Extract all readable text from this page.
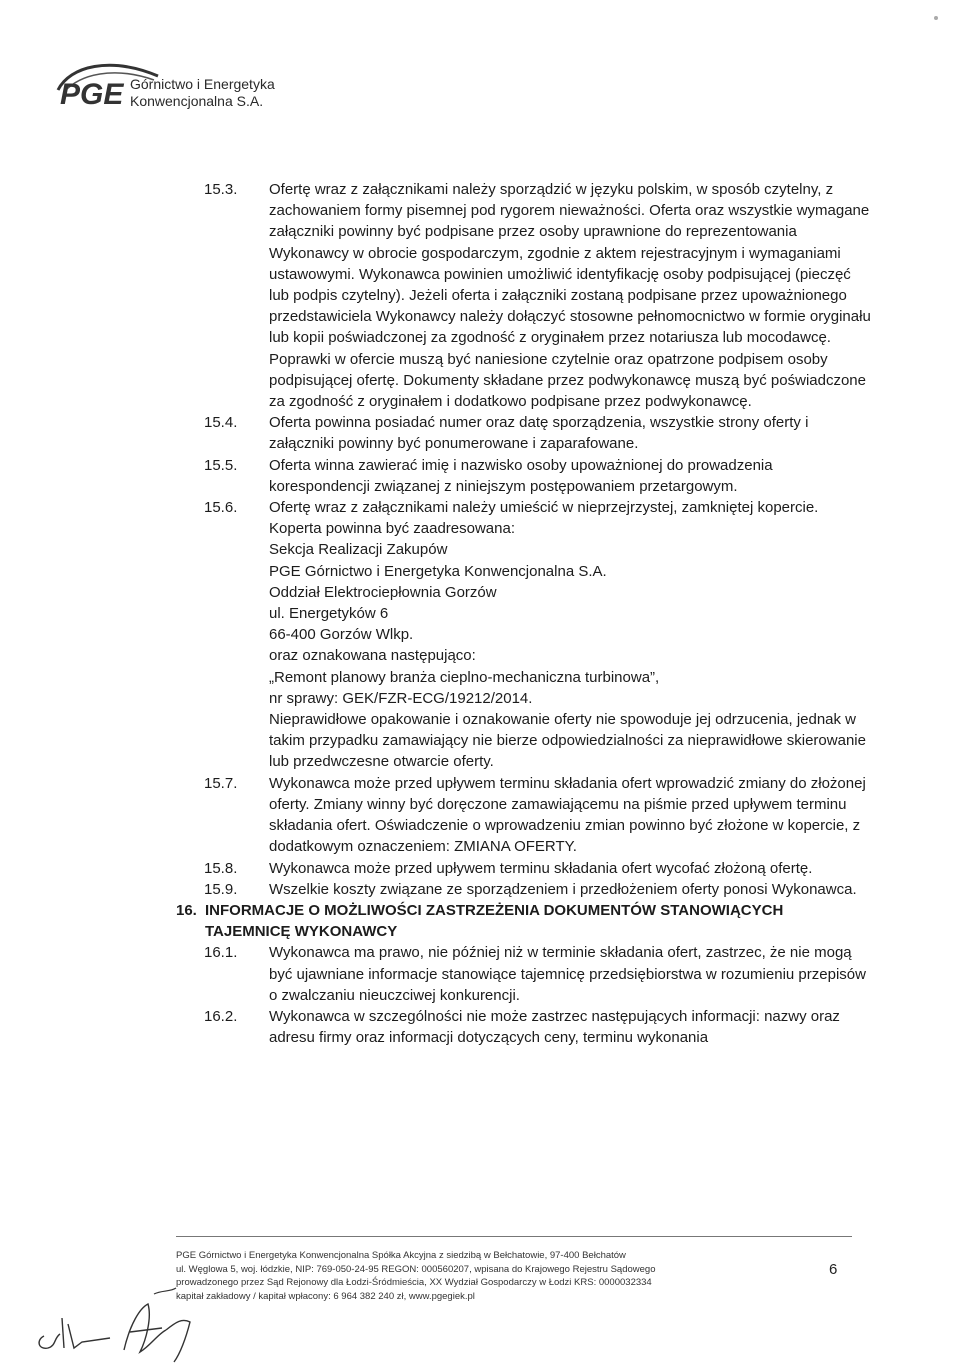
PGE Górnictwo i Energetyka
Konwencjonalna S.A.
15.3. Ofertę wraz z załącznikami należy sporządzić w języku polskim, w sposób czytelny, z zachowaniem formy pisemnej pod rygorem nieważności. Oferta oraz wszystkie wymagane załączniki powinny być podpisane przez osoby uprawnione do reprezentowania Wykonawcy w obrocie gospodarczym, zgodnie z aktem rejestracyjnym i wymaganiami ustawowymi. Wykonawca powinien umożliwić identyfikację osoby podpisującej (pieczęć lub podpis czytelny). Jeżeli oferta i załączniki zostaną podpisane przez upoważnionego przedstawiciela Wykonawcy należy dołączyć stosowne pełnomocnictwo w formie oryginału lub kopii poświadczonej za zgodność z oryginałem przez notariusza lub mocodawcę. Poprawki w ofercie muszą być naniesione czytelnie oraz opatrzone podpisem osoby podpisującej ofertę. Dokumenty składane przez podwykonawcę muszą być poświadczone za zgodność z oryginałem i dodatkowo podpisane przez podwykonawcę.

15.4. Oferta powinna posiadać numer oraz datę sporządzenia, wszystkie strony oferty i załączniki powinny być ponumerowane i zaparafowane.

15.5. Oferta winna zawierać imię i nazwisko osoby upoważnionej do prowadzenia korespondencji związanej z niniejszym postępowaniem przetargowym.

15.6. Ofertę wraz z załącznikami należy umieścić w nieprzejrzystej, zamkniętej kopercie. Koperta powinna być zaadresowana:

Sekcja Realizacji Zakupów

PGE Górnictwo i Energetyka Konwencjonalna S.A.

Oddział Elektrociepłownia Gorzów

ul. Energetyków 6

66-400 Gorzów Wlkp.

oraz oznakowana następująco:

„Remont planowy branża cieplno-mechaniczna turbinowa”,

nr sprawy: GEK/FZR-ECG/19212/2014.

Nieprawidłowe opakowanie i oznakowanie oferty nie spowoduje jej odrzucenia, jednak w takim przypadku zamawiający nie bierze odpowiedzialności za nieprawidłowe skierowanie lub przedwczesne otwarcie oferty.

15.7. Wykonawca może przed upływem terminu składania ofert wprowadzić zmiany do złożonej oferty. Zmiany winny być doręczone zamawiającemu na piśmie przed upływem terminu składania ofert. Oświadczenie o wprowadzeniu zmian powinno być złożone w kopercie, z dodatkowym oznaczeniem: ZMIANA OFERTY.

15.8. Wykonawca może przed upływem terminu składania ofert wycofać złożoną ofertę.

15.9. Wszelkie koszty związane ze sporządzeniem i przedłożeniem oferty ponosi Wykonawca.

16. INFORMACJE O MOŻLIWOŚCI ZASTRZEŻENIA DOKUMENTÓW STANOWIĄCYCH TAJEMNICĘ WYKONAWCY
16.1. Wykonawca ma prawo, nie później niż w terminie składania ofert, zastrzec, że nie mogą być ujawniane informacje stanowiące tajemnicę przedsiębiorstwa w rozumieniu przepisów o zwalczaniu nieuczciwej konkurencji.

16.2. Wykonawca w szczególności nie może zastrzec następujących informacji: nazwy oraz adresu firmy oraz informacji dotyczących ceny, terminu wykonania

PGE Górnictwo i Energetyka Konwencjonalna Spółka Akcyjna z siedzibą w Bełchatowie, 97-400 Bełchatów
ul. Węglowa 5, woj. łódzkie, NIP: 769-050-24-95 REGON: 000560207, wpisana do Krajowego Rejestru Sądowego
prowadzonego przez Sąd Rejonowy dla Łodzi-Śródmieścia, XX Wydział Gospodarczy w Łodzi KRS: 0000032334
kapitał zakładowy / kapitał wpłacony: 6 964 382 240 zł, www.pgegiek.pl
6
